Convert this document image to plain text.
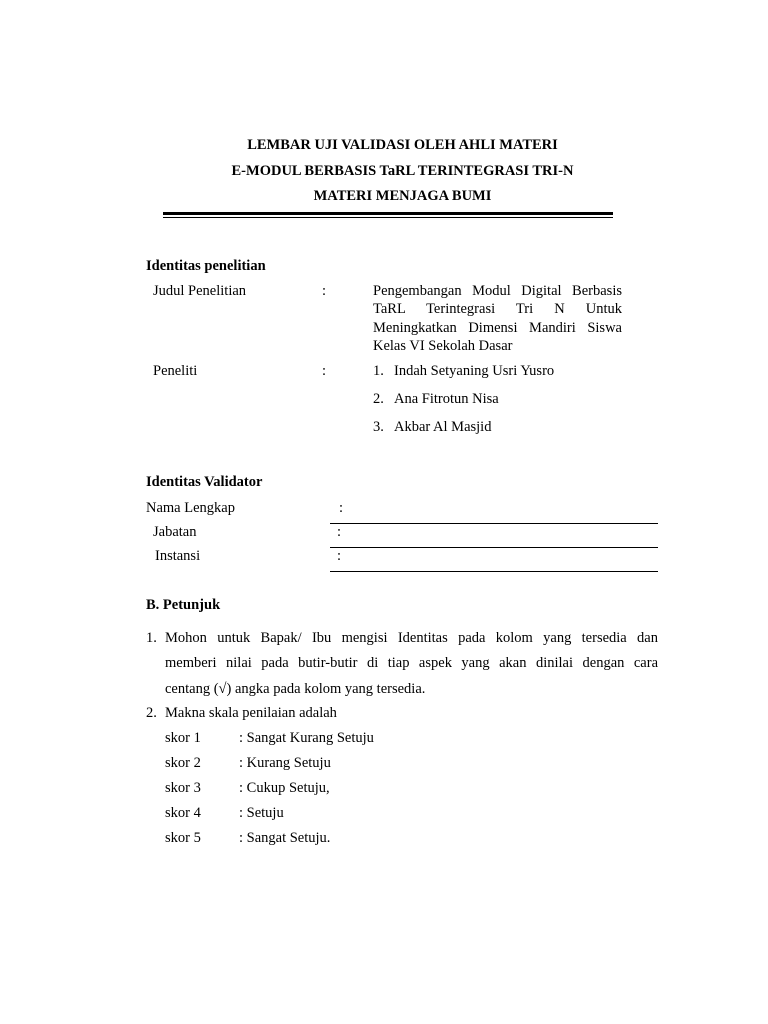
LEMBAR UJI VALIDASI OLEH AHLI MATERI
E-MODUL BERBASIS TaRL TERINTEGRASI TRI-N
MATERI MENJAGA BUMI
Identitas penelitian
Judul Penelitian	:	Pengembangan Modul Digital Berbasis
TaRL Terintegrasi Tri N Untuk
Meningkatkan Dimensi Mandiri Siswa
Kelas VI Sekolah Dasar
Peneliti	:	1. Indah Setyaning Usri Yusro
2. Ana Fitrotun Nisa
3. Akbar Al Masjid
Identitas Validator
Nama Lengkap	:
Jabatan	:
Instansi	:
B. Petunjuk
1. Mohon untuk Bapak/ Ibu mengisi Identitas pada kolom yang tersedia dan
memberi nilai pada butir-butir di tiap aspek yang akan dinilai dengan cara
centang (√) angka pada kolom yang tersedia.
2. Makna skala penilaian adalah
skor 1	: Sangat Kurang Setuju
skor 2	: Kurang Setuju
skor 3	: Cukup Setuju,
skor 4	: Setuju
skor 5	: Sangat Setuju.
